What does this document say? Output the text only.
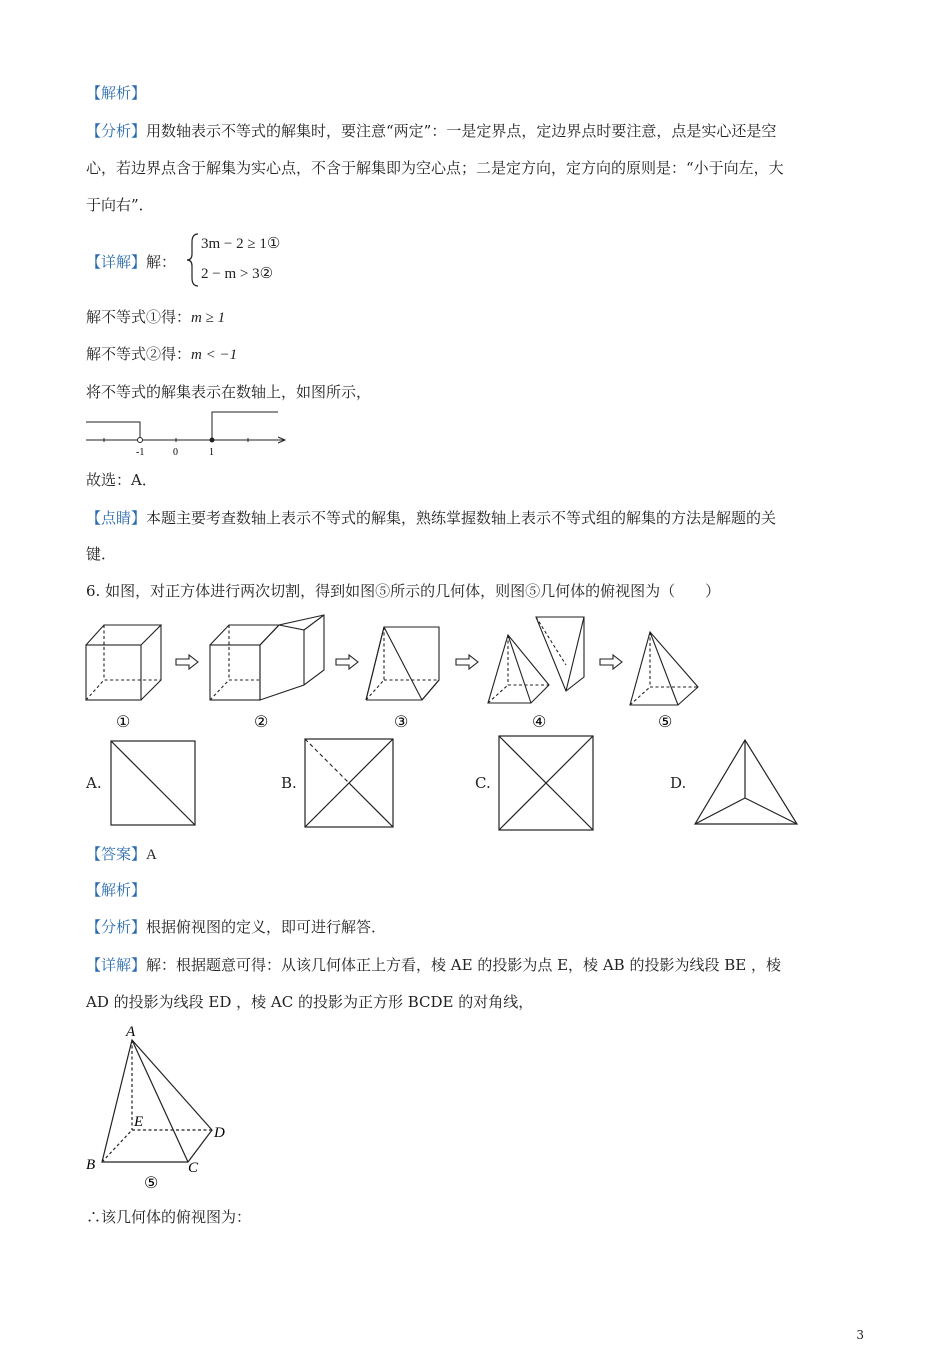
【解析】
【分析】用数轴表示不等式的解集时，要注意“两定”：一是定界点，定边界点时要注意，点是实心还是空
心，若边界点含于解集为实心点，不含于解集即为空心点；二是定方向，定方向的原则是：“小于向左，大
于向右”．
【详解】解：
3m − 2 ≥ 1①
2 − m > 3②
解不等式①得：m ≥ 1
解不等式②得：m < −1
将不等式的解集表示在数轴上，如图所示，
-1	0	1
故选：A．
【点睛】本题主要考查数轴上表示不等式的解集，熟练掌握数轴上表示不等式组的解集的方法是解题的关
键．
6. 如图，对正方体进行两次切割，得到如图⑤所示的几何体，则图⑤几何体的俯视图为（　　）
①	②	③	④	⑤
A.	B.	C.	D.
【答案】A
【解析】
【分析】根据俯视图的定义，即可进行解答．
【详解】解：根据题意可得：从该几何体正上方看，棱 AE 的投影为点 E，棱 AB 的投影为线段 BE ，棱
AD 的投影为线段 ED ，棱 AC 的投影为正方形 BCDE 的对角线，
A
E
D
B	C
⑤
∴该几何体的俯视图为：
3
